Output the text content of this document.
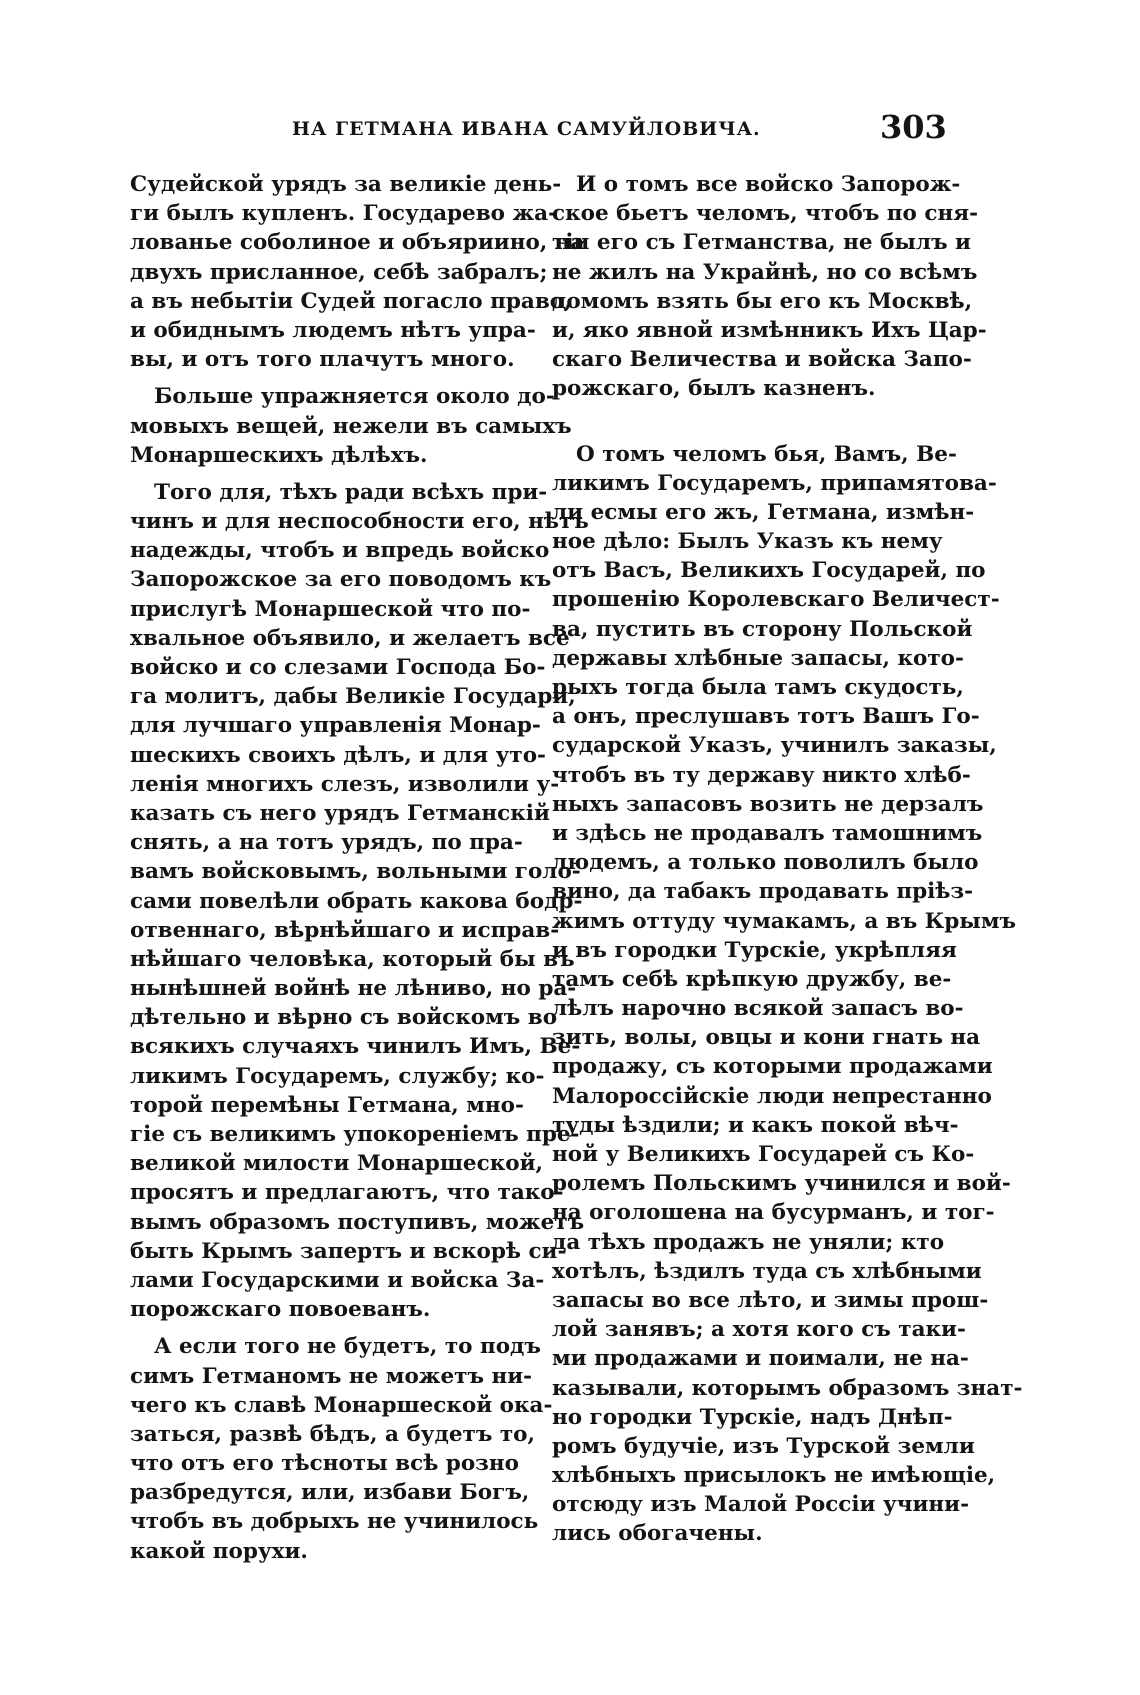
НА ГЕТМАНА ИВАНА САМУЙЛОВИЧА.	303
Судейской урядъ за великіе день-
ги былъ купленъ. Государево жа-
лованье соболиное и объяриино, на
двухъ присланное, себѣ забралъ;
а въ небытіи Судей погасло право,
и обиднымъ людемъ нѣтъ упра-
вы, и отъ того плачутъ много.
Больше упражняется около до-
мовыхъ вещей, нежели въ самыхъ
Монаршескихъ дѣлѣхъ.
Того для, тѣхъ ради всѣхъ при-
чинъ и для неспособности его, нѣтъ
надежды, чтобъ и впредь войско
Запорожское за его поводомъ къ
прислугѣ Монаршеской что по-
хвальное объявило, и желаетъ все
войско и со слезами Господа Бо-
га молитъ, дабы Великіе Государи,
для лучшаго управленія Монар-
шескихъ своихъ дѣлъ, и для уто-
ленія многихъ слезъ, изволили у-
казать съ него урядъ Гетманскій
снять, а на тотъ урядъ, по пра-
вамъ войсковымъ, вольными голо-
сами повелѣли обрать какова бодр-
отвеннаго, вѣрнѣйшаго и исправ-
нѣйшаго человѣка, который бы въ
нынѣшней войнѣ не лѣниво, но ра-
дѣтельно и вѣрно съ войскомъ во
всякихъ случаяхъ чинилъ Имъ, Ве-
ликимъ Государемъ, службу; ко-
торой перемѣны Гетмана, мно-
гіе съ великимъ упокореніемъ пре-
великой милости Монаршеской,
просятъ и предлагаютъ, что тако-
вымъ образомъ поступивъ, можетъ
быть Крымъ запертъ и вскорѣ си-
лами Государскими и войска За-
порожскаго повоеванъ.
А если того не будетъ, то подъ
симъ Гетманомъ не можетъ ни-
чего къ славѣ Монаршеской ока-
заться, развѣ бѣдъ, а будетъ то,
что отъ его тѣсноты всѣ розно
разбредутся, или, избави Богъ,
чтобъ въ добрыхъ не учинилось
какой порухи.
И о томъ все войско Запорож-
ское бьетъ челомъ, чтобъ по сня-
тіи его съ Гетманства, не былъ и
не жилъ на Украйнѣ, но со всѣмъ
домомъ взять бы его къ Москвѣ,
и, яко явной измѣнникъ Ихъ Цар-
скаго Величества и войска Запо-
рожскаго, былъ казненъ.
О томъ челомъ бья, Вамъ, Ве-
ликимъ Государемъ, припамятова-
ли есмы его жъ, Гетмана, измѣн-
ное дѣло: Былъ Указъ къ нему
отъ Васъ, Великихъ Государей, по
прошенію Королевскаго Величест-
ва, пустить въ сторону Польской
державы хлѣбные запасы, кото-
рыхъ тогда была тамъ скудость,
а онъ, преслушавъ тотъ Вашъ Го-
сударской Указъ, учинилъ заказы,
чтобъ въ ту державу никто хлѣб-
ныхъ запасовъ возить не дерзалъ
и здѣсь не продавалъ тамошнимъ
людемъ, а только поволилъ было
вино, да табакъ продавать пріѣз-
жимъ оттуду чумакамъ, а въ Крымъ
и въ городки Турскіе, укрѣпляя
тамъ себѣ крѣпкую дружбу, ве-
лѣлъ нарочно всякой запасъ во-
зить, волы, овцы и кони гнать на
продажу, съ которыми продажами
Малороссійскіе люди непрестанно
туды ѣздили; и какъ покой вѣч-
ной у Великихъ Государей съ Ко-
ролемъ Польскимъ учинился и вой-
на оголошена на бусурманъ, и тог-
да тѣхъ продажъ не уняли; кто
хотѣлъ, ѣздилъ туда съ хлѣбными
запасы во все лѣто, и зимы прош-
лой занявъ; а хотя кого съ таки-
ми продажами и поимали, не на-
казывали, которымъ образомъ знат-
но городки Турскіе, надъ Днѣп-
ромъ будучіе, изъ Турской земли
хлѣбныхъ присылокъ не имѣющіе,
отсюду изъ Малой Россіи учини-
лись обогачены.
